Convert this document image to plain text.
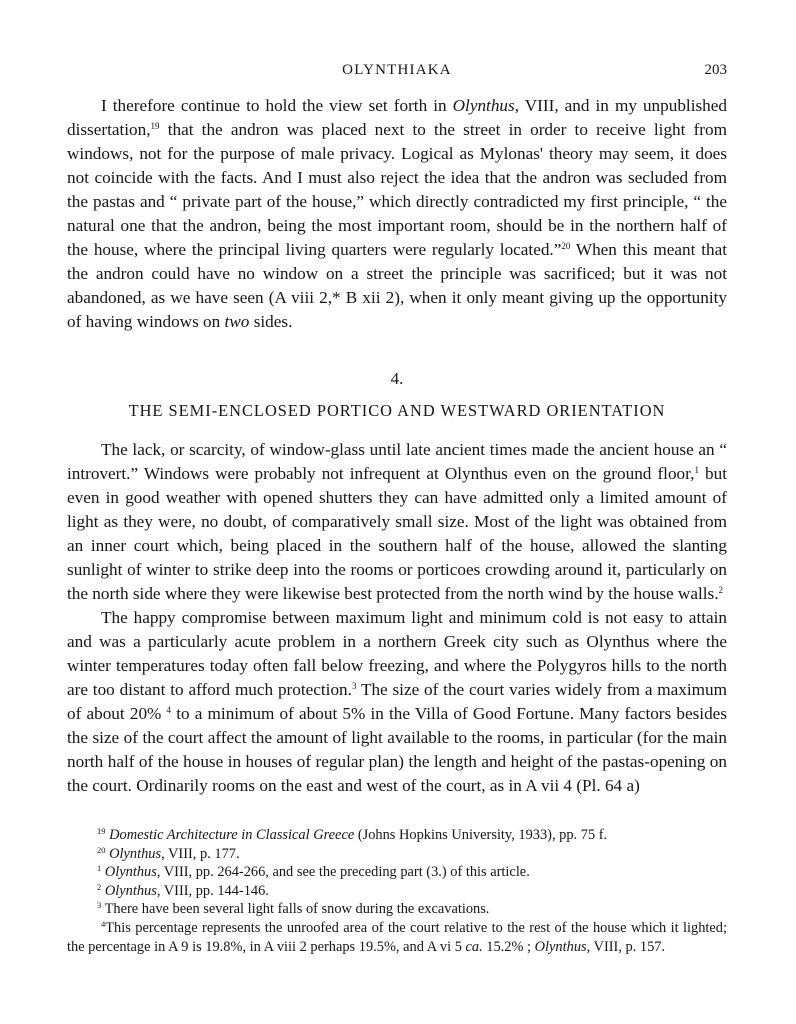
OLYNTHIAKA	203

I therefore continue to hold the view set forth in Olynthus, VIII, and in my unpublished dissertation,$^{19}$ that the andron was placed next to the street in order to receive light from windows, not for the purpose of male privacy. Logical as Mylonas' theory may seem, it does not coincide with the facts. And I must also reject the idea that the andron was secluded from the pastas and “ private part of the house,” which directly contradicted my first principle, “ the natural one that the andron, being the most important room, should be in the northern half of the house, where the principal living quarters were regularly located.”$^{20}$ When this meant that the andron could have no window on a street the principle was sacrificed; but it was not abandoned, as we have seen (A viii 2,* B xii 2), when it only meant giving up the opportunity of having windows on two sides.

4.
THE SEMI-ENCLOSED PORTICO AND WESTWARD ORIENTATION

The lack, or scarcity, of window-glass until late ancient times made the ancient house an “ introvert.” Windows were probably not infrequent at Olynthus even on the ground floor,$^1$ but even in good weather with opened shutters they can have admitted only a limited amount of light as they were, no doubt, of comparatively small size. Most of the light was obtained from an inner court which, being placed in the southern half of the house, allowed the slanting sunlight of winter to strike deep into the rooms or porticoes crowding around it, particularly on the north side where they were likewise best protected from the north wind by the house walls.$^2$

The happy compromise between maximum light and minimum cold is not easy to attain and was a particularly acute problem in a northern Greek city such as Olynthus where the winter temperatures today often fall below freezing, and where the Polygyros hills to the north are too distant to afford much protection.$^3$ The size of the court varies widely from a maximum of about 20% $^4$ to a minimum of about 5% in the Villa of Good Fortune. Many factors besides the size of the court affect the amount of light available to the rooms, in particular (for the main north half of the house in houses of regular plan) the length and height of the pastas-opening on the court. Ordinarily rooms on the east and west of the court, as in A vii 4 (Pl. 64 a)

$^{19}$ Domestic Architecture in Classical Greece (Johns Hopkins University, 1933), pp. 75 f.
$^{20}$ Olynthus, VIII, p. 177.
$^1$ Olynthus, VIII, pp. 264-266, and see the preceding part (3.) of this article.
$^2$ Olynthus, VIII, pp. 144-146.
$^3$ There have been several light falls of snow during the excavations.
$^4$This percentage represents the unroofed area of the court relative to the rest of the house which it lighted; the percentage in A 9 is 19.8%, in A viii 2 perhaps 19.5%, and A vi 5 ca. 15.2% ; Olynthus, VIII, p. 157.
